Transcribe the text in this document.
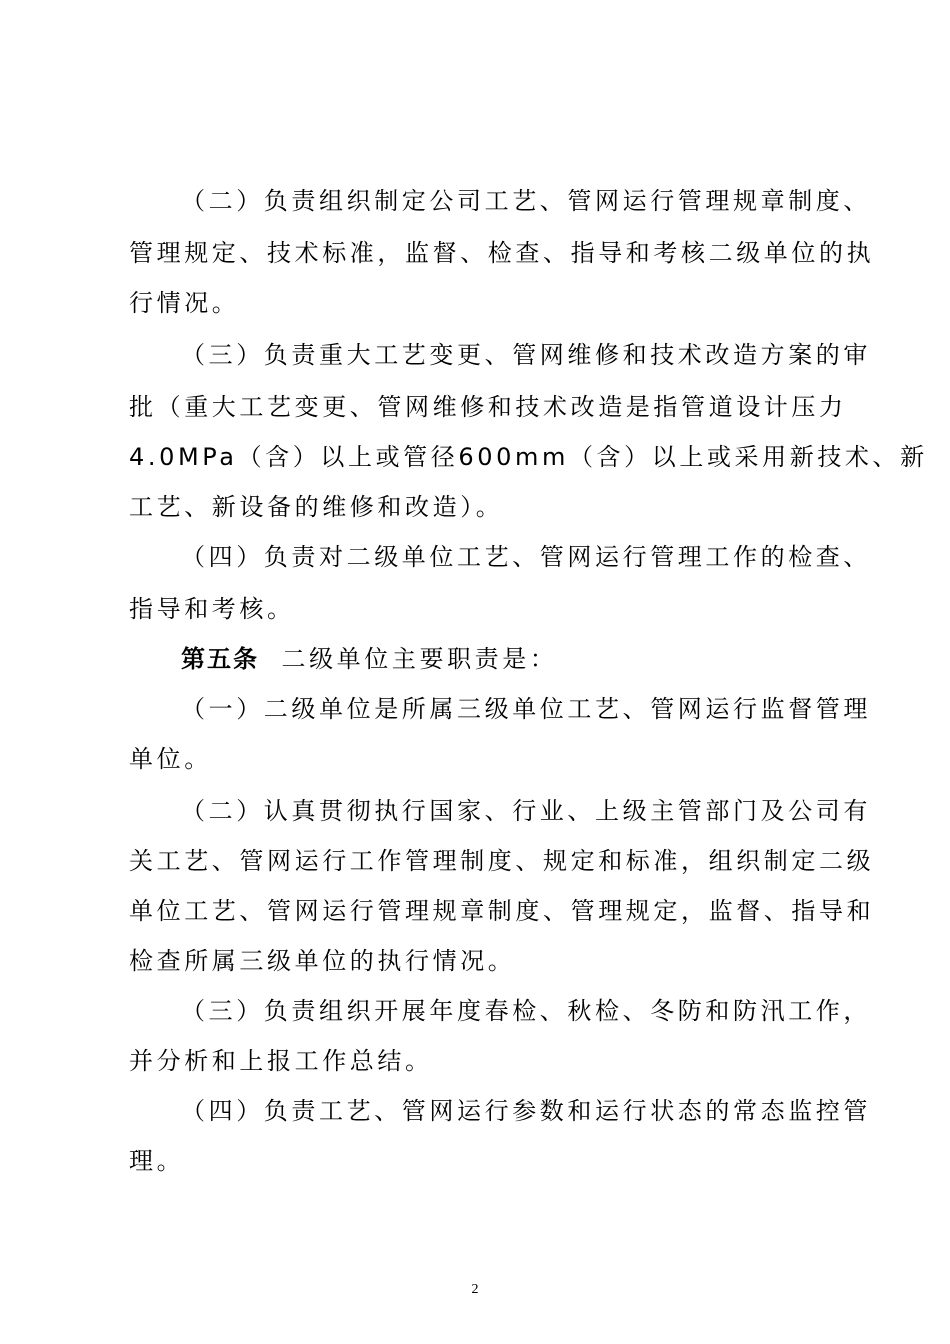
（二）负责组织制定公司工艺、管网运行管理规章制度、
管理规定、技术标准，监督、检查、指导和考核二级单位的执
行情况。
（三）负责重大工艺变更、管网维修和技术改造方案的审
批（重大工艺变更、管网维修和技术改造是指管道设计压力
4.0MPa（含）以上或管径600mm（含）以上或采用新技术、新
工艺、新设备的维修和改造）。
（四）负责对二级单位工艺、管网运行管理工作的检查、
指导和考核。
第五条 二级单位主要职责是：
（一）二级单位是所属三级单位工艺、管网运行监督管理
单位。
（二）认真贯彻执行国家、行业、上级主管部门及公司有
关工艺、管网运行工作管理制度、规定和标准，组织制定二级
单位工艺、管网运行管理规章制度、管理规定，监督、指导和
检查所属三级单位的执行情况。
（三）负责组织开展年度春检、秋检、冬防和防汛工作，
并分析和上报工作总结。
（四）负责工艺、管网运行参数和运行状态的常态监控管
理。
2
